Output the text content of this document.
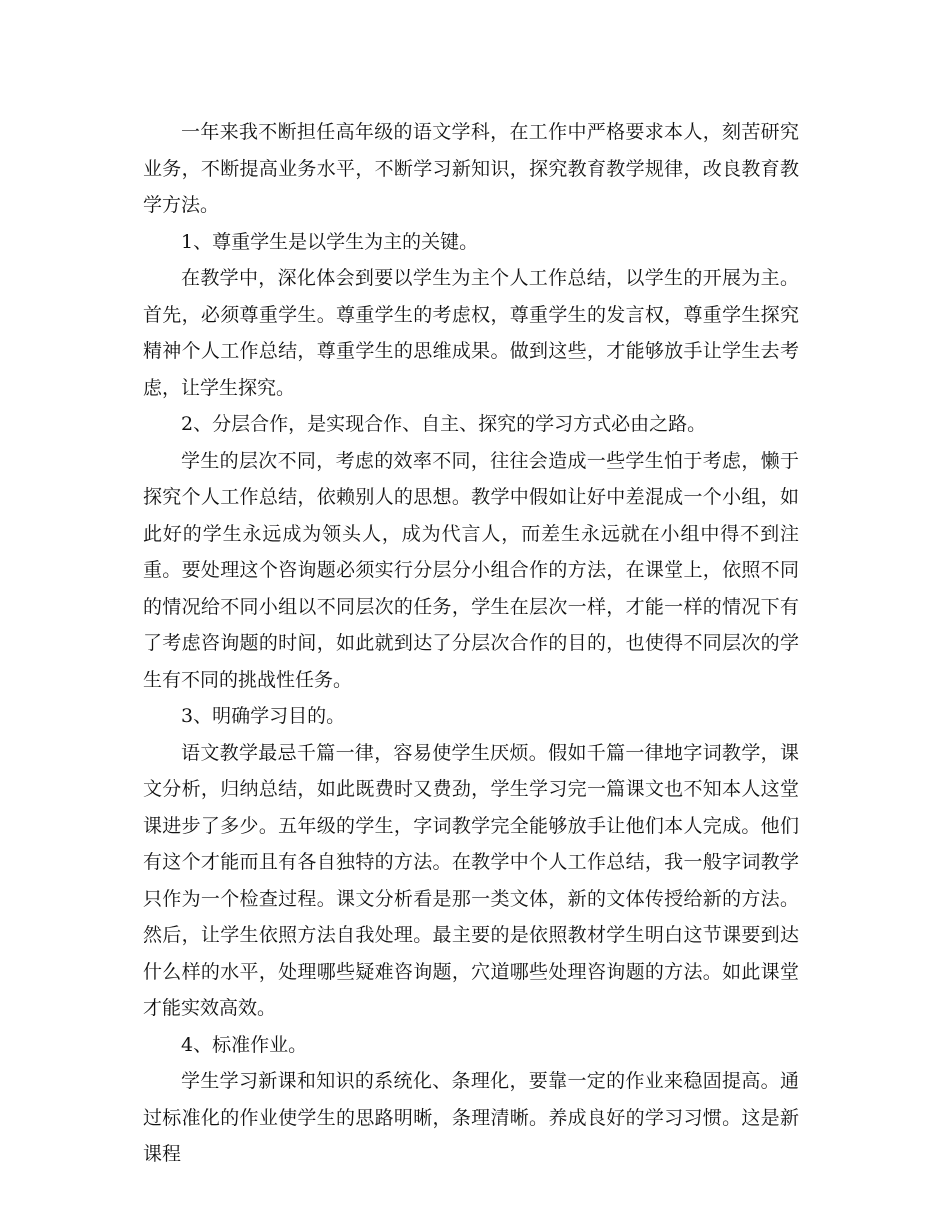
一年来我不断担任高年级的语文学科，在工作中严格要求本人，刻苦研究业务，不断提高业务水平，不断学习新知识，探究教育教学规律，改良教育教学方法。

1、尊重学生是以学生为主的关键。

在教学中，深化体会到要以学生为主个人工作总结，以学生的开展为主。首先，必须尊重学生。尊重学生的考虑权，尊重学生的发言权，尊重学生探究精神个人工作总结，尊重学生的思维成果。做到这些，才能够放手让学生去考虑，让学生探究。

2、分层合作，是实现合作、自主、探究的学习方式必由之路。

学生的层次不同，考虑的效率不同，往往会造成一些学生怕于考虑，懒于探究个人工作总结，依赖别人的思想。教学中假如让好中差混成一个小组，如此好的学生永远成为领头人，成为代言人，而差生永远就在小组中得不到注重。要处理这个咨询题必须实行分层分小组合作的方法，在课堂上，依照不同的情况给不同小组以不同层次的任务，学生在层次一样，才能一样的情况下有了考虑咨询题的时间，如此就到达了分层次合作的目的，也使得不同层次的学生有不同的挑战性任务。

3、明确学习目的。

语文教学最忌千篇一律，容易使学生厌烦。假如千篇一律地字词教学，课文分析，归纳总结，如此既费时又费劲，学生学习完一篇课文也不知本人这堂课进步了多少。五年级的学生，字词教学完全能够放手让他们本人完成。他们有这个才能而且有各自独特的方法。在教学中个人工作总结，我一般字词教学只作为一个检查过程。课文分析看是那一类文体，新的文体传授给新的方法。然后，让学生依照方法自我处理。最主要的是依照教材学生明白这节课要到达什么样的水平，处理哪些疑难咨询题，穴道哪些处理咨询题的方法。如此课堂才能实效高效。

4、标准作业。

学生学习新课和知识的系统化、条理化，要靠一定的作业来稳固提高。通过标准化的作业使学生的思路明晰，条理清晰。养成良好的学习习惯。这是新课程
